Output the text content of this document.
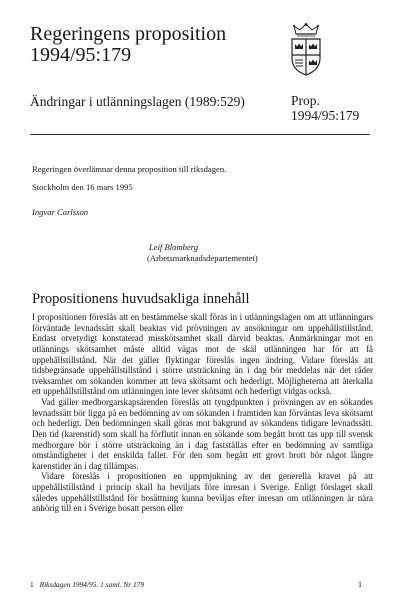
Regeringens proposition
1994/95:179
Ändringar i utlänningslagen (1989:529)	Prop.
1994/95:179
Regeringen överlämnar denna proposition till riksdagen.
Stockholm den 16 mars 1995
Ingvar Carlsson
Leif Blomberg
(Arbetsmarknadsdepartementet)
Propositionens huvudsakliga innehåll

I propositionen föreslås att en bestämmelse skall föras in i utlänningslagen om att utlänningars förväntade levnadssätt skall beaktas vid prövningen av ansökningar om uppehållstillstånd. Endast otvetydigt konstaterad misskötsamhet skall därvid beaktas. Anmärkningar mot en utlännings skötsamhet måste alltid vägas mot de skäl utlänningen har för att få uppehållstillstånd. När det gäller flyktingar föreslås ingen ändring. Vidare föreslås att tidsbegränsade uppehållstillstånd i större utsträckning än i dag bör meddelas när det råder tveksamhet om sökanden kommer att leva skötsamt och hederligt. Möjligheterna att återkalla ett uppehållstillstånd om utlänningen inte lever skötsamt och hederligt vidgas också.

Vad gäller medborgarskapsärenden föreslås att tyngdpunkten i prövningen av en sökandes levnadssätt bör ligga på en bedömning av om sökanden i framtiden kan förväntas leva skötsamt och hederligt. Den bedömningen skall göras mot bakgrund av sökandens tidigare levnadssätt. Den tid (karenstid) som skall ha förflutit innan en sökande som begått brott tas upp till svensk medborgare bör i större utsträckning än i dag fastställas efter en bedömning av samtliga omständigheter i det enskilda fallet. För den som begått ett grovt brott bör något längre karenstider än i dag tillämpas.

Vidare föreslås i propositionen en uppmjukning av det generella kravet på att uppehållstillstånd i princip skall ha beviljats före inresan i Sverige. Enligt förslaget skall således uppehållstillstånd för bosättning kunna beviljas efter inresan om utlänningen är nära anhörig till en i Sverige bosatt person eller

1 Riksdagen 1994/95. 1 saml. Nr 179	1
